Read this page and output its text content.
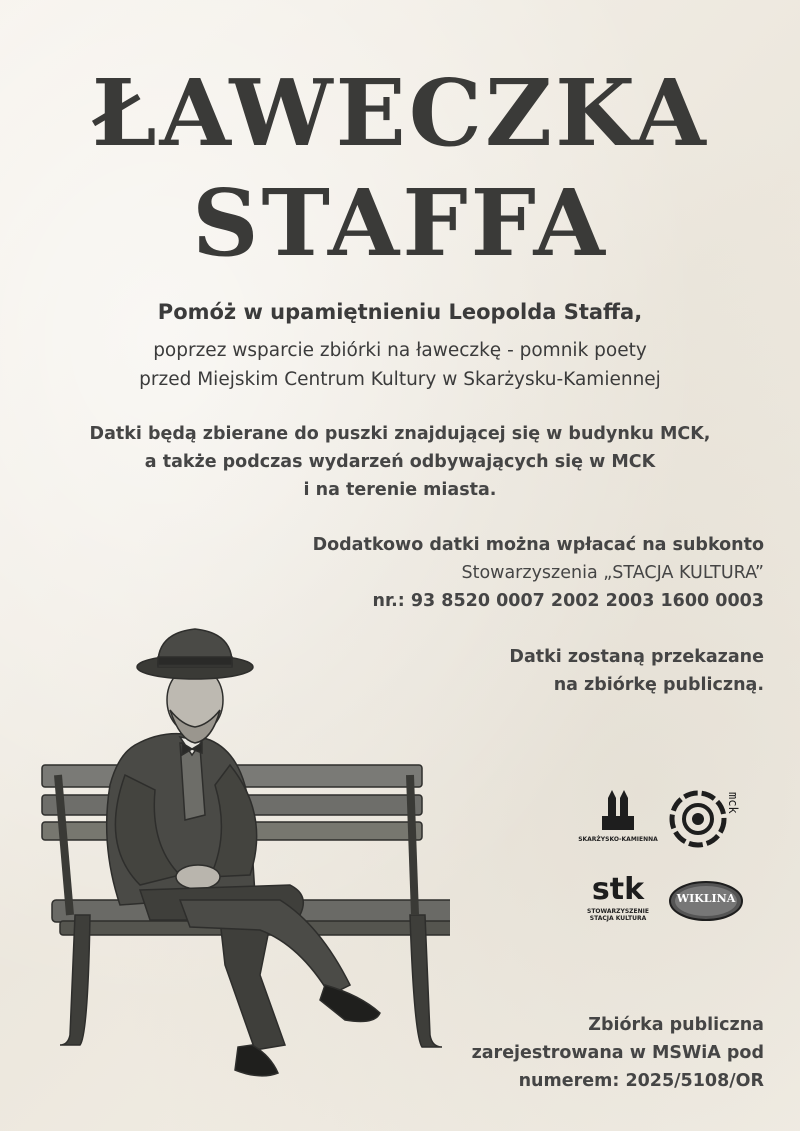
ŁAWECZKA
STAFFA

Pomóż w upamiętnieniu Leopolda Staffa,

poprzez wsparcie zbiórki na ławeczkę - pomnik poety

przed Miejskim Centrum Kultury w Skarżysku-Kamiennej

Datki będą zbierane do puszki znajdującej się w budynku MCK,
a także podczas wydarzeń odbywających się w MCK
i na terenie miasta.

Dodatkowo datki można wpłacać na subkonto
Stowarzyszenia „STACJA KULTURA”
nr.: 93 8520 0007 2002 2003 1600 0003

Datki zostaną przekazane
na zbiórkę publiczną.

Zbiórka publiczna
zarejestrowana w MSWiA pod
numerem: 2025/5108/OR

SKARŻYSKO-KAMIENNA
mck
stk
STOWARZYSZENIE
STACJA KULTURA
WIKLINA
